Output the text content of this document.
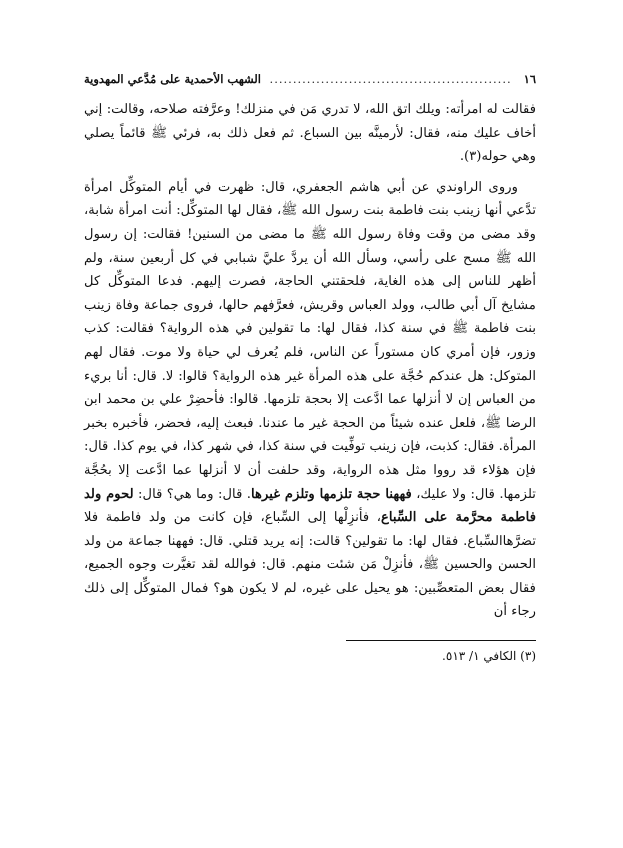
١٦
....................................................
الشهب الأحمدية على مُدَّعي المهدوية

فقالت له امرأته: ويلك اتق الله، لا تدري مَن في منزلك! وعرَّفته صلاحه، وقالت: إني أخاف عليك منه، فقال: لأرمينَّه بين السباع. ثم فعل ذلك به، فرئي ﷺ قائماً يصلي وهي حوله(٣).

وروى الراوندي عن أبي هاشم الجعفري، قال: ظهرت في أيام المتوكِّل امرأة تدَّعي أنها زينب بنت فاطمة بنت رسول الله ﷺ، فقال لها المتوكِّل: أنت امرأة شابة، وقد مضى من وقت وفاة رسول الله ﷺ ما مضى من السنين! فقالت: إن رسول الله ﷺ مسح على رأسي، وسأل الله أن يردَّ عليَّ شبابي في كل أربعين سنة، ولم أظهر للناس إلى هذه الغاية، فلحقتني الحاجة، فصرت إليهم. فدعا المتوكِّل كل مشايخ آل أبي طالب، وولد العباس وقريش، فعرَّفهم حالها، فروى جماعة وفاة زينب بنت فاطمة ﷺ في سنة كذا، فقال لها: ما تقولين في هذه الرواية؟ فقالت: كذب وزور، فإن أمري كان مستوراً عن الناس، فلم يُعرف لي حياة ولا موت. فقال لهم المتوكل: هل عندكم حُجَّة على هذه المرأة غير هذه الرواية؟ قالوا: لا. قال: أنا بريء من العباس إن لا أنزلها عما ادَّعت إلا بحجة تلزمها. قالوا: فأحضِرْ علي بن محمد ابن الرضا ﷺ، فلعل عنده شيئاً من الحجة غير ما عندنا. فبعث إليه، فحضر، فأخبره بخبر المرأة. فقال: كذبت، فإن زينب توفِّيت في سنة كذا، في شهر كذا، في يوم كذا. قال: فإن هؤلاء قد رووا مثل هذه الرواية، وقد حلفت أن لا أنزلها عما ادَّعت إلا بحُجَّة تلزمها. قال: ولا عليك، فههنا حجة تلزمها وتلزم غيرها. قال: وما هي؟ قال: لحوم ولد فاطمة محرَّمة على السِّباع، فأنزِلْها إلى السِّباع، فإن كانت من ولد فاطمة فلا تضرَّهاالسِّباع. فقال لها: ما تقولين؟ قالت: إنه يريد قتلي. قال: فههنا جماعة من ولد الحسن والحسين ﷺ، فأنزِلْ مَن شئت منهم. قال: فوالله لقد تغيَّرت وجوه الجميع، فقال بعض المتعصِّبين: هو يحيل على غيره، لم لا يكون هو؟ فمال المتوكِّل إلى ذلك رجاء أن

(٣) الكافي ١/ ٥١٣.
